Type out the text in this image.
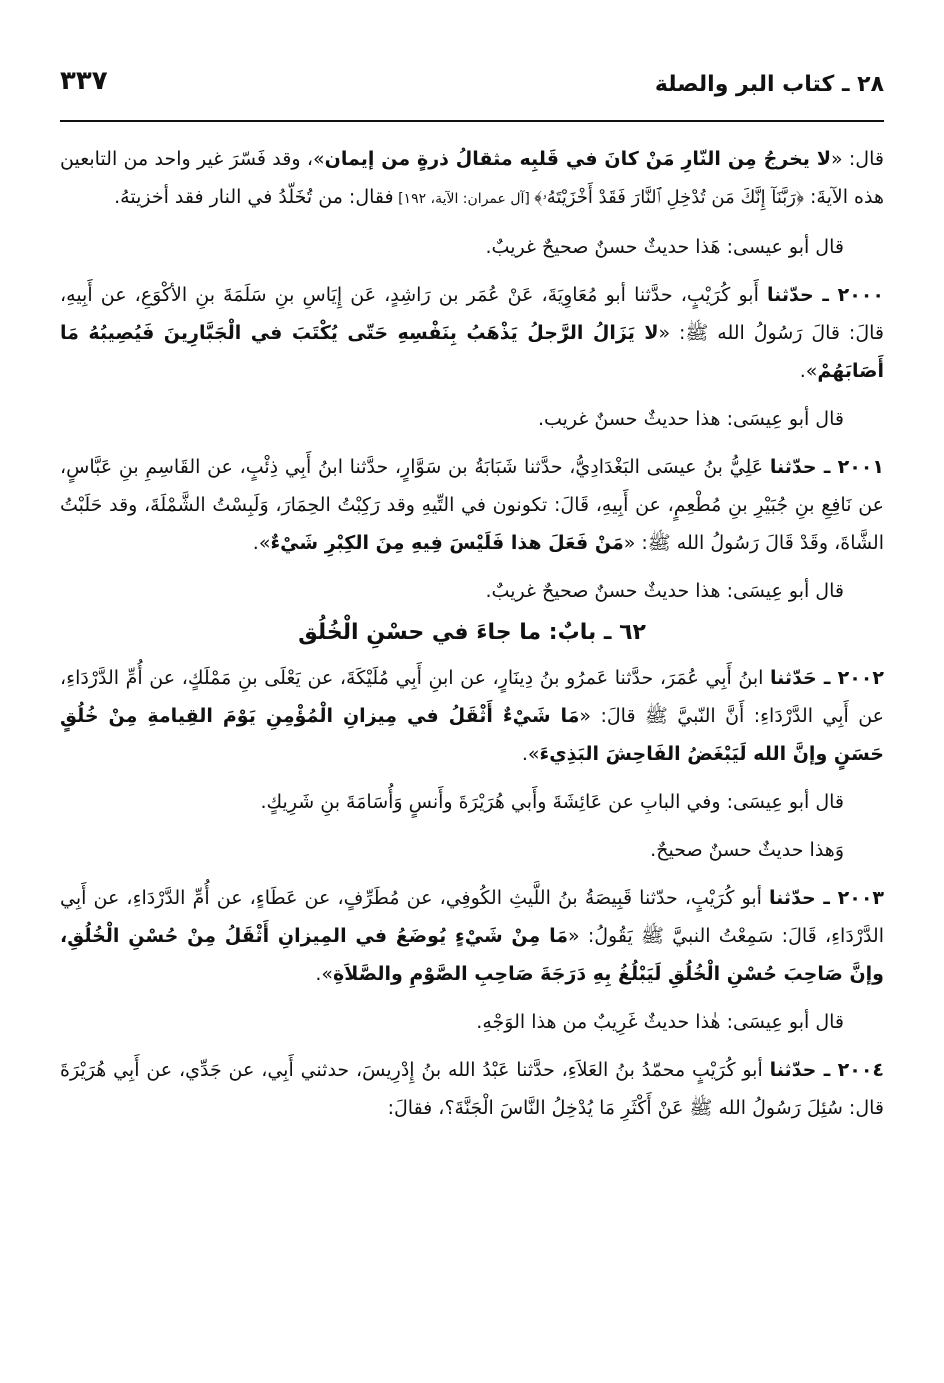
٢٨ ـ كتاب البر والصلة
٣٣٧

قال: «لا يخرجُ مِن النّارِ مَنْ كانَ في قَلبِه مثقالُ ذرةٍ من إيمان»، وقد فَسّرَ غير واحد من التابعين هذه الآيةَ: ﴿رَبَّنَآ إِنَّكَ مَن تُدْخِلِ ٱلنَّارَ فَقَدْ أَخْزَيْتَهُۥ﴾ [آل عمران: الآية، ١٩٢] فقال: من تُخَلّدُ في النار فقد أخزيتهُ.

قال أبو عيسى: هَذا حديثٌ حسنٌ صحيحٌ غريبٌ.

٢٠٠٠ ـ حدّثنا أَبو كُرَيْبٍ، حدَّثنا أبو مُعَاوِيَةَ، عَنْ عُمَر بن رَاشِدٍ، عَن إِيَاسِ بنِ سَلَمَةَ بنِ الأكْوَعِ، عن أَبِيهِ، قالَ: قالَ رَسُولُ الله ﷺ: «لا يَزَالُ الرَّجلُ يَذْهَبُ بِنَفْسِهِ حَتّى يُكْتَبَ في الْجَبَّارِينَ فَيُصِيبُهُ مَا أَصَابَهُمْ».

قال أبو عِيسَى: هذا حديثٌ حسنٌ غريب.

٢٠٠١ ـ حدّثنا عَلِيُّ بنُ عيسَى البَغْدَادِيُّ، حدَّثنا شَبَابَةُ بن سَوَّارٍ، حدَّثنا ابنُ أَبِي ذِئْبٍ، عن القَاسِمِ بنِ عَبَّاسٍ، عن نَافِعِ بنِ جُبَيْرِ بنِ مُطْعِمٍ، عن أَبِيهِ، قَالَ: تكونون في التِّيهِ وقد رَكِبْتُ الحِمَارَ، وَلَبِسْتُ الشَّمْلَةَ، وقد حَلَبْتُ الشَّاةَ، وقَدْ قَالَ رَسُولُ الله ﷺ: «مَنْ فَعَلَ هذا فَلَيْسَ فِيهِ مِنَ الكِبْرِ شَيْءٌ».

قال أبو عِيسَى: هذا حديثٌ حسنٌ صحيحٌ غريبٌ.

٦٢ ـ بابٌ: ما جاءَ في حسْنِ الْخُلُق

٢٠٠٢ ـ حَدّثنا ابنُ أَبِي عُمَرَ، حدَّثنا عَمرُو بنُ دِينَارٍ، عن ابنِ أَبِي مُلَيْكَةَ، عن يَعْلَى بنِ مَمْلَكٍ، عن أُمِّ الدَّرْدَاءِ، عن أَبِي الدَّرْدَاءِ: أَنَّ النّبيَّ ﷺ قالَ: «مَا شَيْءٌ أَثْقَلُ في مِيزانِ الْمُؤْمِنِ يَوْمَ القِيامةِ مِنْ خُلُقٍ حَسَنٍ وإنَّ الله لَيَبْغَضُ الفَاحِشَ البَذِيءَ».

قال أبو عِيسَى: وفي البابِ عن عَائِشَةَ وأَبي هُرَيْرَةَ وأَنسٍ وَأُسَامَةَ بنِ شَرِيكٍ.

وَهذا حديثٌ حسنٌ صحيحٌ.

٢٠٠٣ ـ حدّثنا أبو كُرَيْبٍ، حدّثنا قَبِيصَةُ بنُ اللَّيثِ الكُوفِي، عن مُطَرِّفٍ، عن عَطَاءٍ، عن أُمِّ الدَّرْدَاءِ، عن أَبِي الدَّرْدَاءِ، قَالَ: سَمِعْتُ النبيَّ ﷺ يَقُولُ: «مَا مِنْ شَيْءٍ يُوضَعُ في المِيزانِ أَثْقَلُ مِنْ حُسْنِ الْخُلُقِ، وإنَّ صَاحِبَ حُسْنِ الْخُلُقِ لَيَبْلُغُ بِهِ دَرَجَةَ صَاحِبِ الصَّوْمِ والصَّلاَةِ».

قال أبو عِيسَى: هٰذا حديثٌ غَرِيبٌ من هذا الوَجْهِ.

٢٠٠٤ ـ حدّثنا أبو كُرَيْبٍ محمّدُ بنُ العَلاَءِ، حدَّثنا عَبْدُ الله بنُ إِدْرِيسَ، حدثني أَبِي، عن جَدِّي، عن أَبِي هُرَيْرَةَ قال: سُئِلَ رَسُولُ الله ﷺ عَنْ أَكْثَرِ مَا يُدْخِلُ النَّاسَ الْجَنَّةَ؟، فقالَ:
